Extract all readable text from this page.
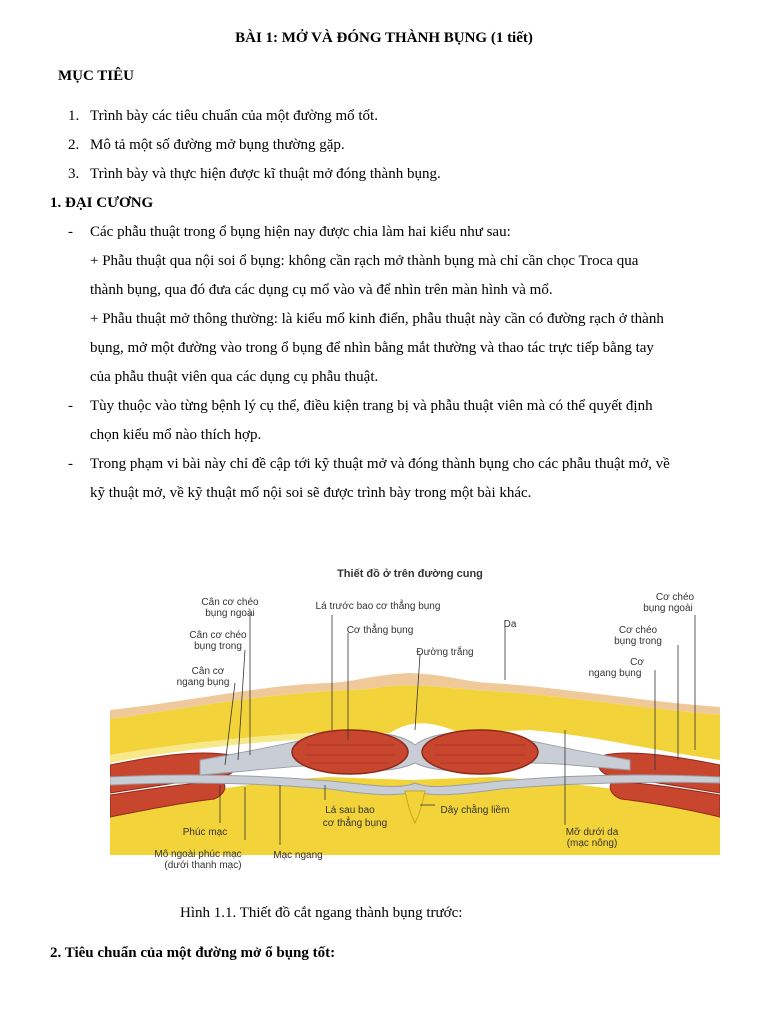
BÀI 1: MỞ VÀ ĐÓNG THÀNH BỤNG (1 tiết)
MỤC TIÊU
1. Trình bày các tiêu chuẩn của một đường mổ tốt.
2. Mô tả một số đường mở bụng thường gặp.
3. Trình bày và thực hiện được kĩ thuật mở đóng thành bụng.
1. ĐẠI CƯƠNG
- Các phẫu thuật trong ổ bụng hiện nay được chia làm hai kiểu như sau:
+ Phẫu thuật qua nội soi ổ bụng: không cần rạch mở thành bụng mà chỉ cần chọc Troca qua
thành bụng, qua đó đưa các dụng cụ mổ vào và để nhìn trên màn hình và mổ.
+ Phẫu thuật mở thông thường: là kiểu mổ kinh điển, phẫu thuật này cần có đường rạch ở thành
bụng, mở một đường vào trong ổ bụng để nhìn bằng mắt thường và thao tác trực tiếp bằng tay
của phẫu thuật viên qua các dụng cụ phẫu thuật.
- Tùy thuộc vào từng bệnh lý cụ thể, điều kiện trang bị và phẫu thuật viên mà có thể quyết định
chọn kiểu mổ nào thích hợp.
- Trong phạm vi bài này chỉ đề cập tới kỹ thuật mở và đóng thành bụng cho các phẫu thuật mở, về
kỹ thuật mở, về kỹ thuật mổ nội soi sẽ được trình bày trong một bài khác.
Thiết đồ ở trên đường cung
Cân cơ chéo
bụng ngoài
Cân cơ chéo
bụng trong
Cân cơ
ngang bụng
Lá trước bao cơ thẳng bụng
Cơ thẳng bụng
Da
Đường trắng
Cơ chéo
bụng ngoài
Cơ chéo
bụng trong
Cơ
ngang bụng
Phúc mạc
Mô ngoài phúc mạc
(dưới thanh mạc)
Mạc ngang
Lá sau bao
cơ thẳng bụng
Dây chằng liềm
Mỡ dưới da
(mạc nông)
Hình 1.1. Thiết đồ cắt ngang thành bụng trước:
2. Tiêu chuẩn của một đường mở ổ bụng tốt:
